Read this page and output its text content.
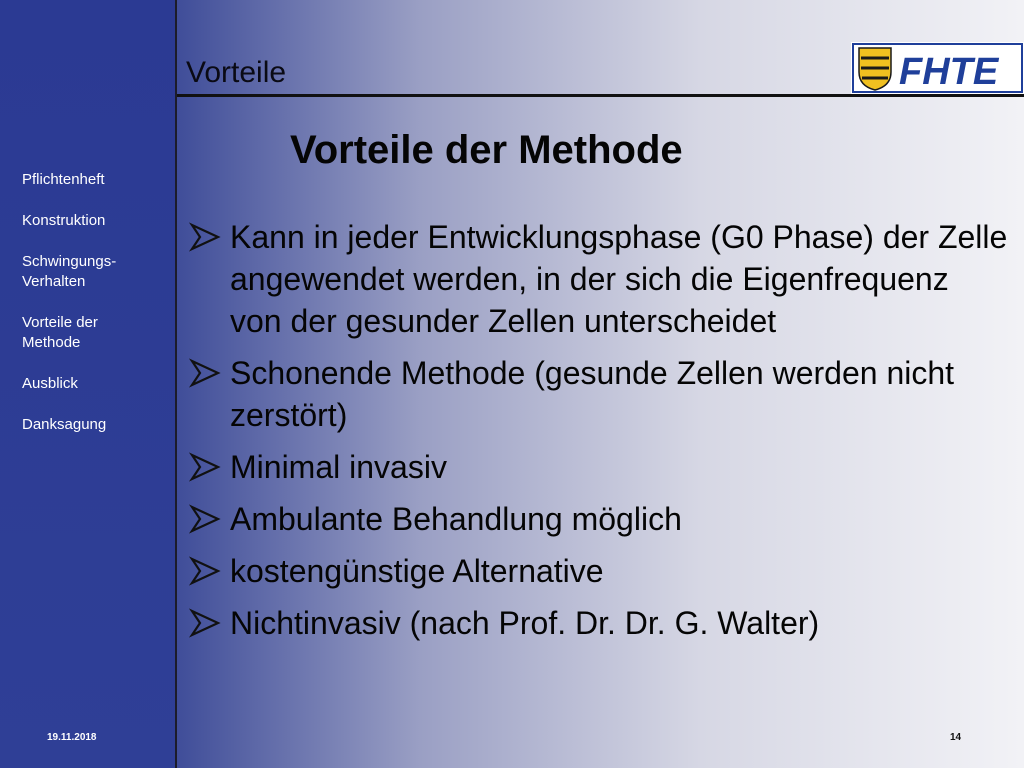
Vorteile	FHTE
Pflichtenheft
Konstruktion
Schwingungs-
Verhalten
Vorteile der
Methode
Ausblick
Danksagung
Vorteile der Methode
Kann in jeder Entwicklungsphase (G0 Phase) der Zelle angewendet werden, in der sich die Eigenfrequenz von der gesunder Zellen unterscheidet
Schonende Methode (gesunde Zellen werden nicht zerstört)
Minimal invasiv
Ambulante Behandlung möglich
kostengünstige Alternative
Nichtinvasiv (nach Prof. Dr. Dr. G. Walter)
19.11.2018	14
